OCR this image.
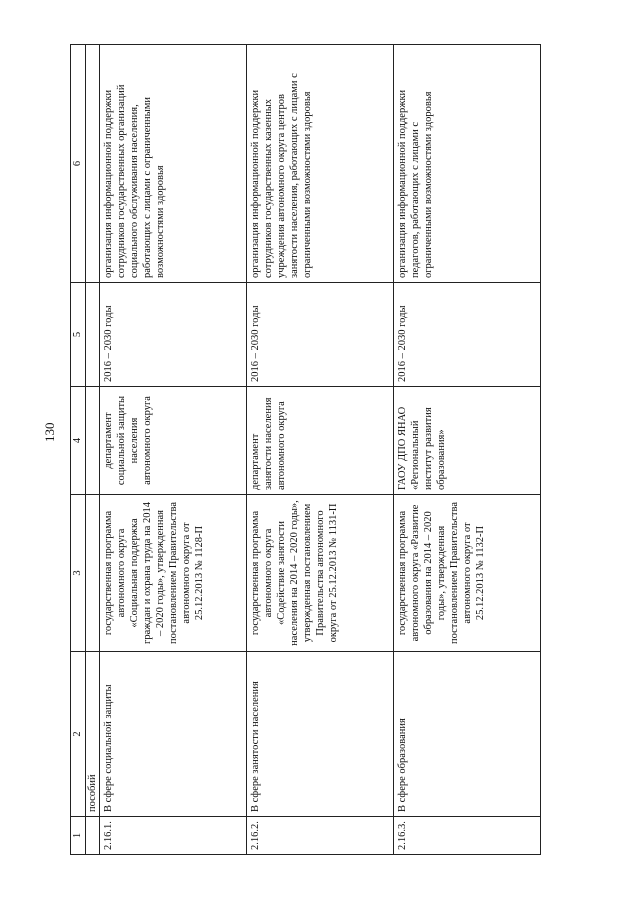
130
1	2	3	4	5	6
	пособий				
2.16.1.	В сфере социальной защиты	государственная программа автономного округа «Социальная поддержка граждан и охрана труда на 2014 – 2020 годы», утвержденная постановлением Правительства автономного округа от 25.12.2013 № 1128-П	департамент социальной защиты населения автономного округа	2016 – 2030 годы	организация информационной поддержки сотрудников государственных организаций социального обслуживания населения, работающих с лицами с ограниченными возможностями здоровья
2.16.2.	В сфере занятости населения	государственная программа автономного округа «Содействие занятости населения на 2014 – 2020 годы», утвержденная постановлением Правительства автономного округа от 25.12.2013 № 1131-П	департамент занятости населения автономного округа	2016 – 2030 годы	организация информационной поддержки сотрудников государственных казенных учреждения автономного округа центров занятости населения, работающих с лицами с ограниченными возможностями здоровья
2.16.3.	В сфере образования	государственная программа автономного округа «Развитие образования на 2014 – 2020 годы», утвержденная постановлением Правительства автономного округа от 25.12.2013 № 1132-П	ГАОУ ДПО ЯНАО «Региональный институт развития образования»	2016 – 2030 годы	организация информационной поддержки педагогов, работающих с лицами с ограниченными возможностями здоровья
